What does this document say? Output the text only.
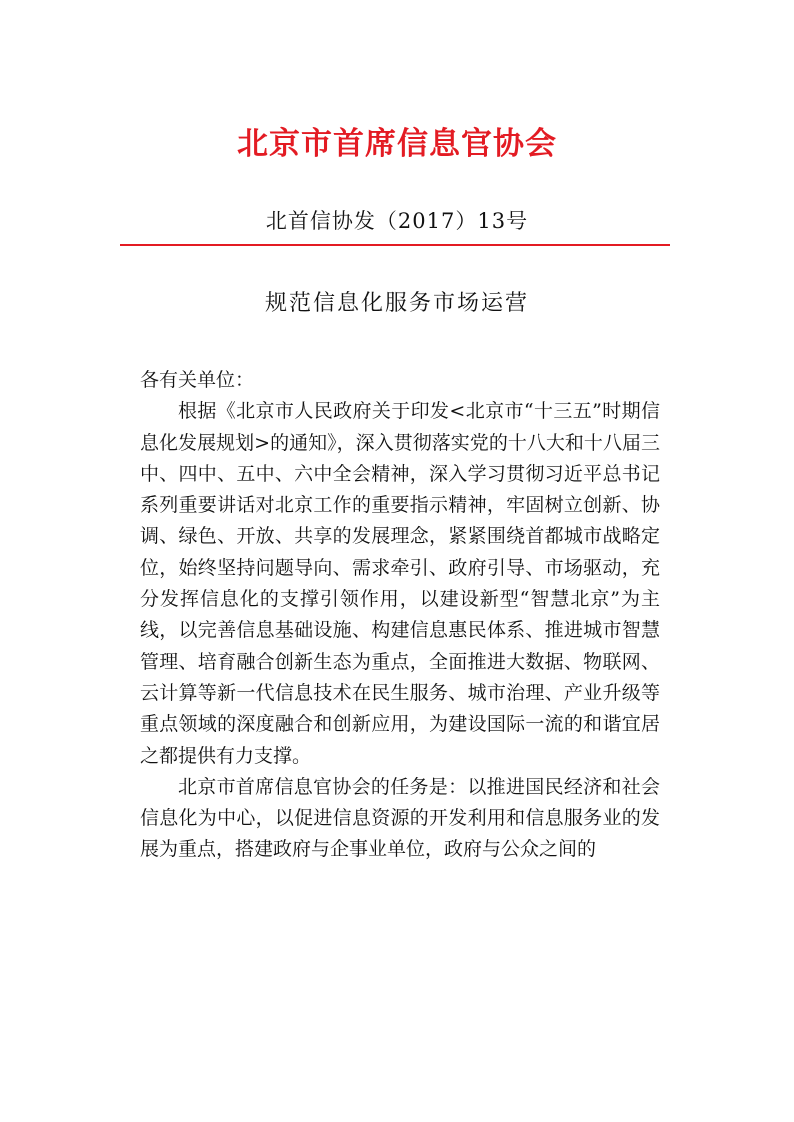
北京市首席信息官协会
北首信协发（2017）13号
规范信息化服务市场运营

各有关单位：

根据《北京市人民政府关于印发<北京市“十三五”时期信息化发展规划>的通知》，深入贯彻落实党的十八大和十八届三中、四中、五中、六中全会精神，深入学习贯彻习近平总书记系列重要讲话对北京工作的重要指示精神，牢固树立创新、协调、绿色、开放、共享的发展理念，紧紧围绕首都城市战略定位，始终坚持问题导向、需求牵引、政府引导、市场驱动，充分发挥信息化的支撑引领作用，以建设新型“智慧北京”为主线，以完善信息基础设施、构建信息惠民体系、推进城市智慧管理、培育融合创新生态为重点，全面推进大数据、物联网、云计算等新一代信息技术在民生服务、城市治理、产业升级等重点领域的深度融合和创新应用，为建设国际一流的和谐宜居之都提供有力支撑。

北京市首席信息官协会的任务是：以推进国民经济和社会信息化为中心，以促进信息资源的开发利用和信息服务业的发展为重点，搭建政府与企事业单位，政府与公众之间的
